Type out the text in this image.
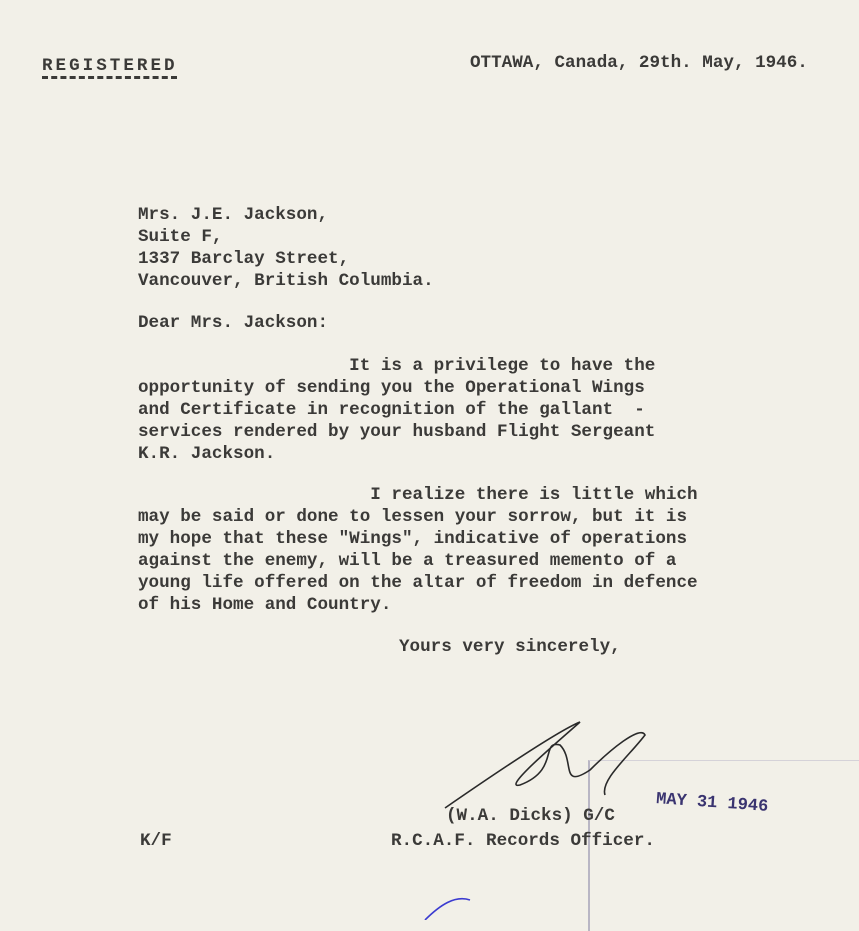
REGISTERED	OTTAWA, Canada, 29th. May, 1946.
Mrs. J.E. Jackson,
Suite F,
1337 Barclay Street,
Vancouver, British Columbia.
Dear Mrs. Jackson:
It is a privilege to have the
opportunity of sending you the Operational Wings
and Certificate in recognition of the gallant  -
services rendered by your husband Flight Sergeant
K.R. Jackson.
I realize there is little which
may be said or done to lessen your sorrow, but it is
my hope that these "Wings", indicative of operations
against the enemy, will be a treasured memento of a
young life offered on the altar of freedom in defence
of his Home and Country.
Yours very sincerely,
MAY 31 1946
(W.A. Dicks) G/C
R.C.A.F. Records Officer.
K/F
